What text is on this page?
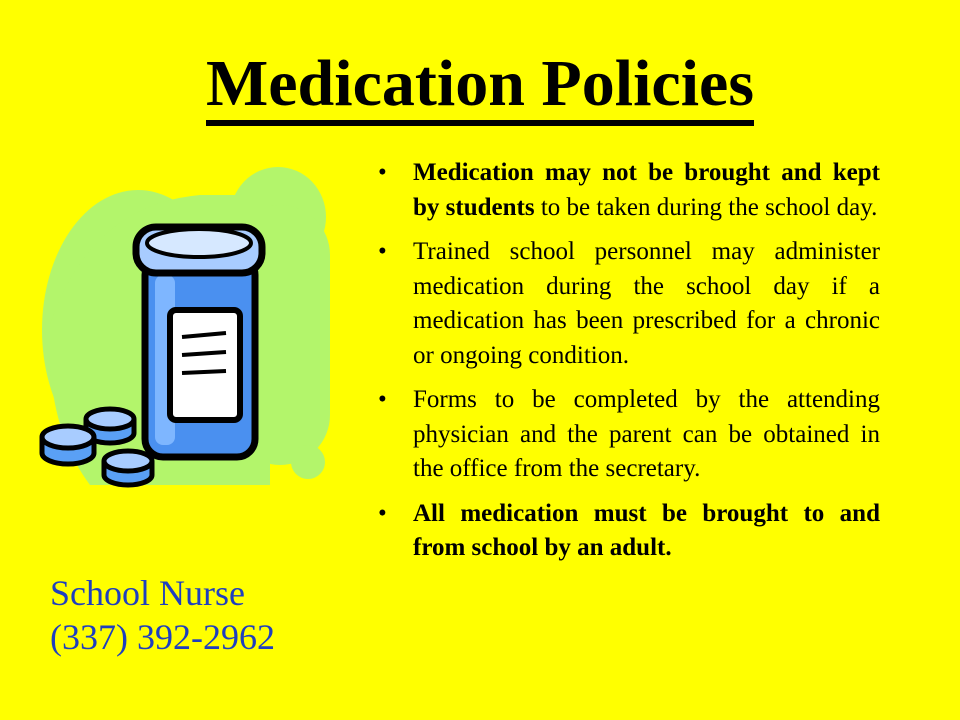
Medication Policies
School Nurse
(337) 392-2962
• Medication may not be brought and kept by students to be taken during the school day.
• Trained school personnel may administer medication during the school day if a medication has been prescribed for a chronic or ongoing condition.
• Forms to be completed by the attending physician and the parent can be obtained in the office from the secretary.
• All medication must be brought to and from school by an adult.
